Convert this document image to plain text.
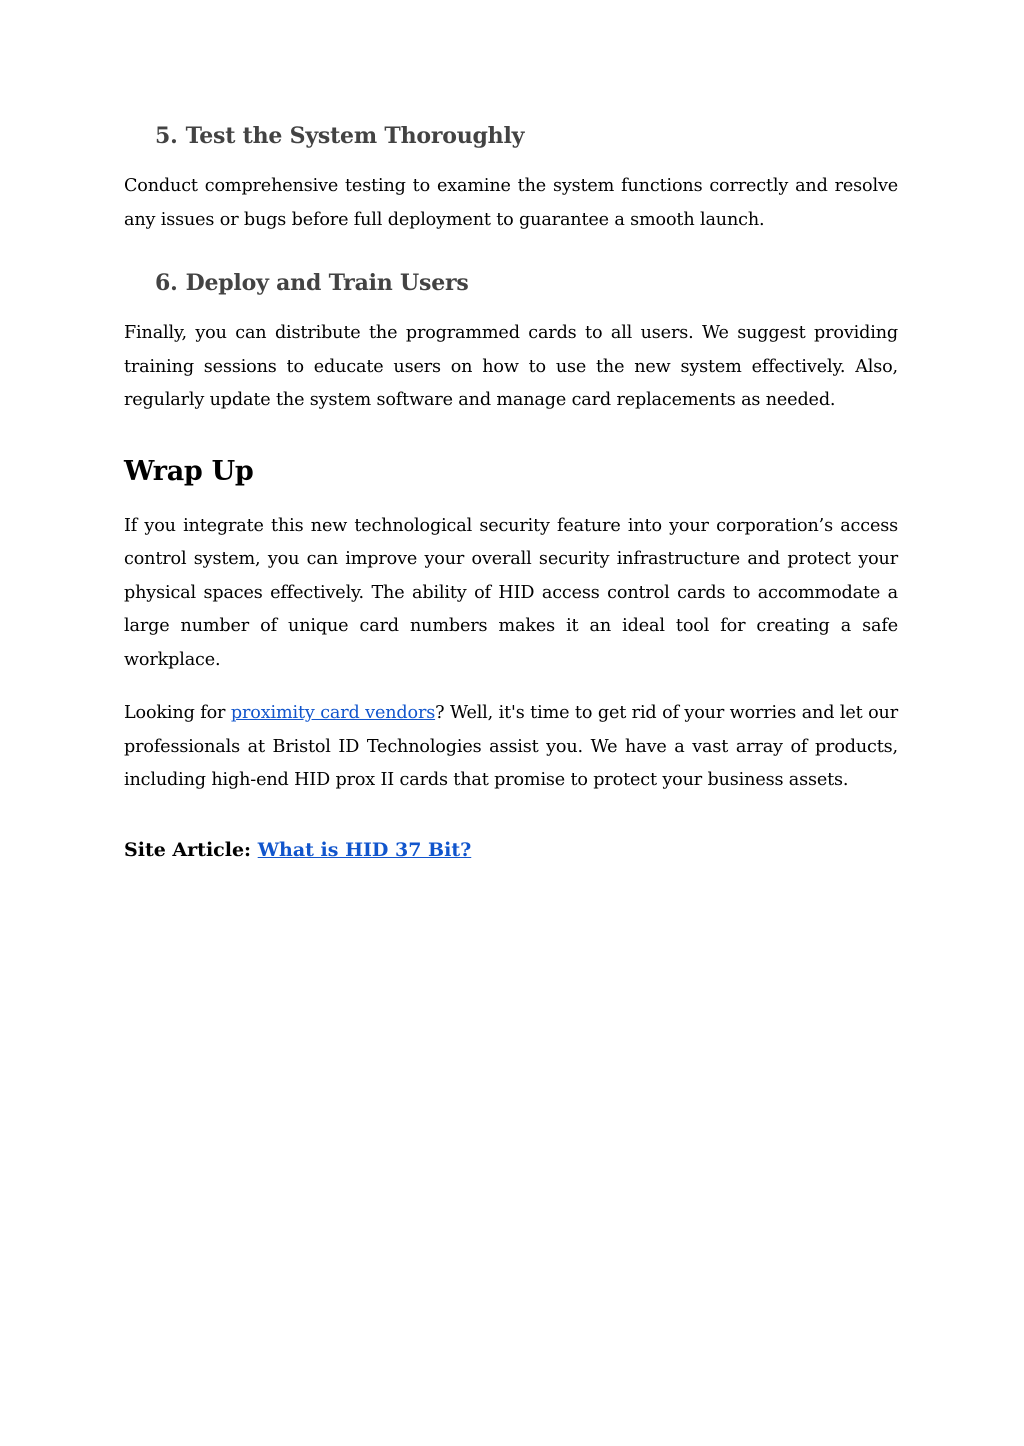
5. Test the System Thoroughly

Conduct comprehensive testing to examine the system functions correctly and resolve any issues or bugs before full deployment to guarantee a smooth launch.

6. Deploy and Train Users

Finally, you can distribute the programmed cards to all users. We suggest providing training sessions to educate users on how to use the new system effectively. Also, regularly update the system software and manage card replacements as needed.

Wrap Up

If you integrate this new technological security feature into your corporation’s access control system, you can improve your overall security infrastructure and protect your physical spaces effectively. The ability of HID access control cards to accommodate a large number of unique card numbers makes it an ideal tool for creating a safe workplace.

Looking for proximity card vendors? Well, it's time to get rid of your worries and let our professionals at Bristol ID Technologies assist you. We have a vast array of products, including high-end HID prox II cards that promise to protect your business assets.

Site Article: What is HID 37 Bit?
